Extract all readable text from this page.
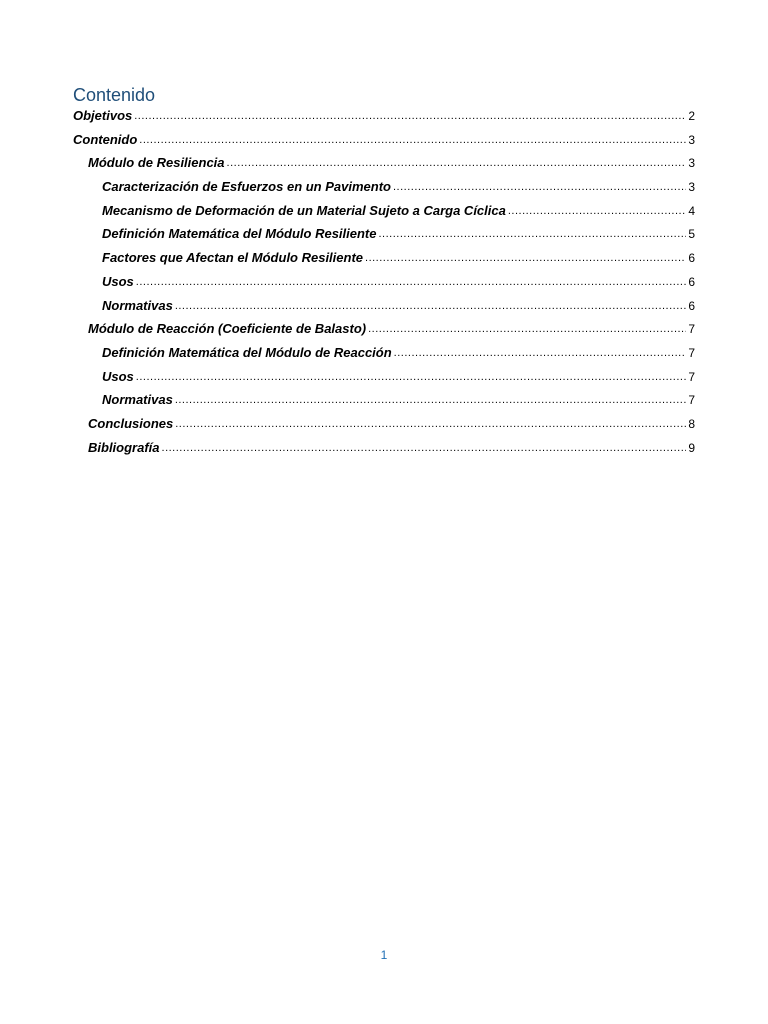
Contenido
Objetivos .....	2
Contenido .....	3
Módulo de Resiliencia .....	3
Caracterización de Esfuerzos en un Pavimento .....	3
Mecanismo de Deformación de un Material Sujeto a Carga Cíclica .....	4
Definición Matemática del Módulo Resiliente .....	5
Factores que Afectan el Módulo Resiliente .....	6
Usos .....	6
Normativas .....	6
Módulo de Reacción (Coeficiente de Balasto) .....	7
Definición Matemática del Módulo de Reacción .....	7
Usos .....	7
Normativas .....	7
Conclusiones .....	8
Bibliografía .....	9
1
